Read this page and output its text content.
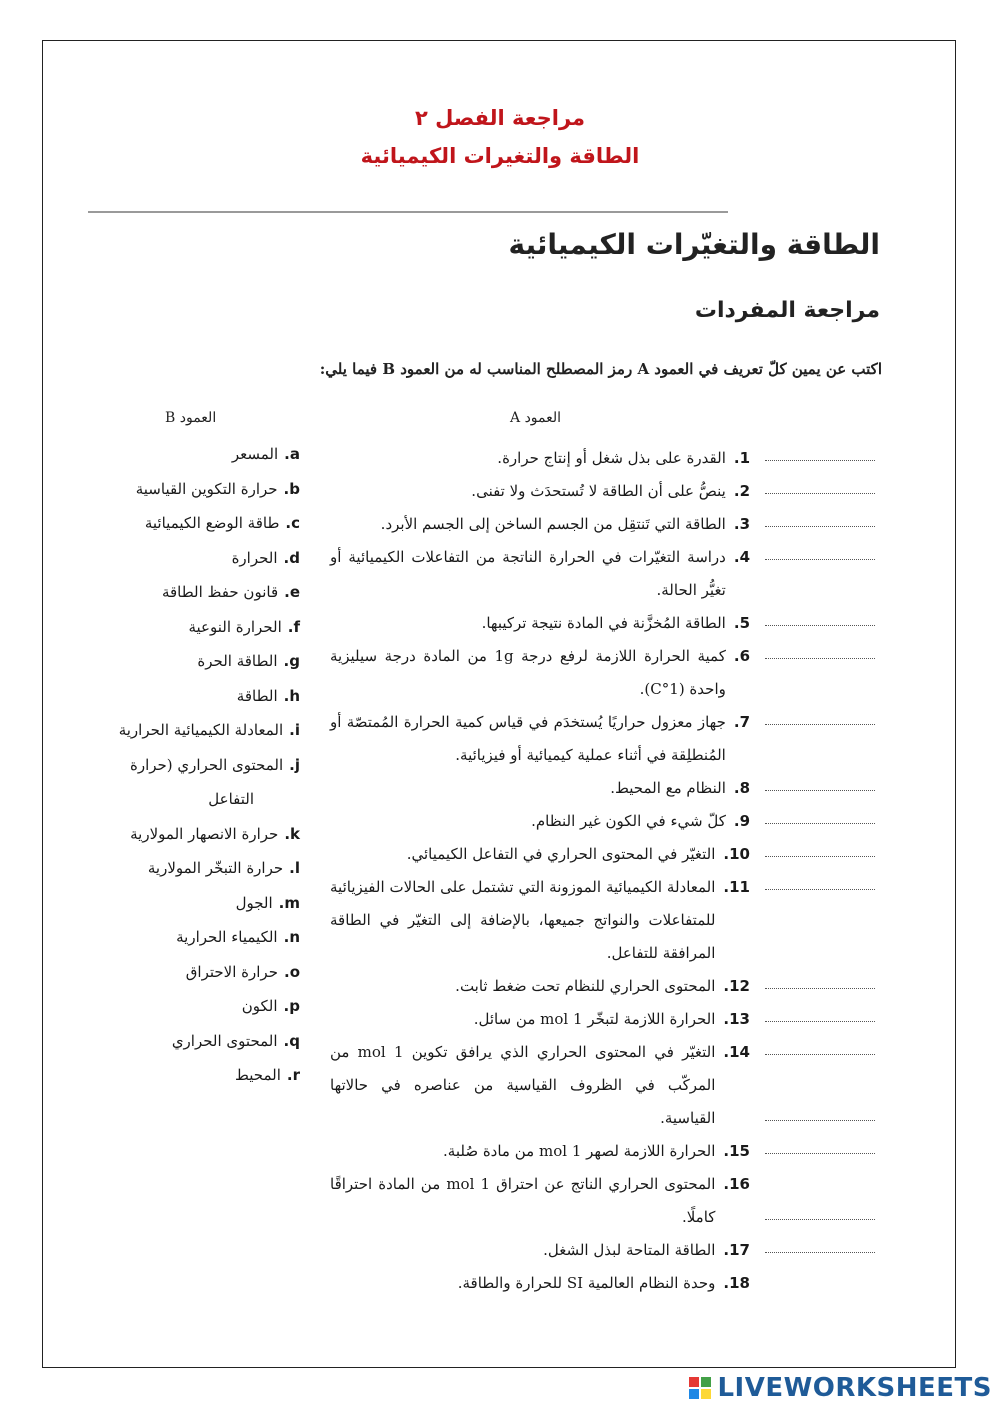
مراجعة الفصل ٢
الطاقة والتغيرات الكيميائية
الطاقة والتغيّرات الكيميائية
مراجعة المفردات
اكتب عن يمين كلّ تعريف في العمود A رمز المصطلح المناسب له من العمود B فيما يلي:
العمود A
العمود B
1.
القدرة على بذل شغل أو إنتاج حرارة.
2.
ينصُّ على أن الطاقة لا تُستحدَث ولا تفنى.
3.
الطاقة التي تَنتقِل من الجسم الساخن إلى الجسم الأبرد.
4.
دراسة التغيّرات في الحرارة الناتجة من التفاعلات الكيميائية أو تغيُّر الحالة.
5.
الطاقة المُخزَّنة في المادة نتيجة تركيبها.
6.
كمية الحرارة اللازمة لرفع درجة 1g من المادة درجة سيليزية واحدة (1°C).
7.
جهاز معزول حراريًا يُستخدَم في قياس كمية الحرارة المُمتصّة أو المُنطلِقة في أثناء عملية كيميائية أو فيزيائية.
8.
النظام مع المحيط.
9.
كلّ شيء في الكون غير النظام.
10.
التغيّر في المحتوى الحراري في التفاعل الكيميائي.
11.
المعادلة الكيميائية الموزونة التي تشتمل على الحالات الفيزيائية للمتفاعلات والنواتج جميعها، بالإضافة إلى التغيّر في الطاقة المرافقة للتفاعل.
12.
المحتوى الحراري للنظام تحت ضغط ثابت.
13.
الحرارة اللازمة لتبخّر 1 mol من سائل.
14.
التغيّر في المحتوى الحراري الذي يرافق تكوين 1 mol من المركّب في الظروف القياسية من عناصره في حالاتها القياسية.
15.
الحرارة اللازمة لصهر 1 mol من مادة صُلبة.
16.
المحتوى الحراري الناتج عن احتراق 1 mol من المادة احتراقًا كاملًا.
17.
الطاقة المتاحة لبذل الشغل.
18.
وحدة النظام العالمية SI للحرارة والطاقة.
a.
المسعر
b.
حرارة التكوين القياسية
c.
طاقة الوضع الكيميائية
d.
الحرارة
e.
قانون حفظ الطاقة
f.
الحرارة النوعية
g.
الطاقة الحرة
h.
الطاقة
i.
المعادلة الكيميائية الحرارية
j.
المحتوى الحراري (حرارة
التفاعل
k.
حرارة الانصهار المولارية
l.
حرارة التبخّر المولارية
m.
الجول
n.
الكيمياء الحرارية
o.
حرارة الاحتراق
p.
الكون
q.
المحتوى الحراري
r.
المحيط
LIVEWORKSHEETS
